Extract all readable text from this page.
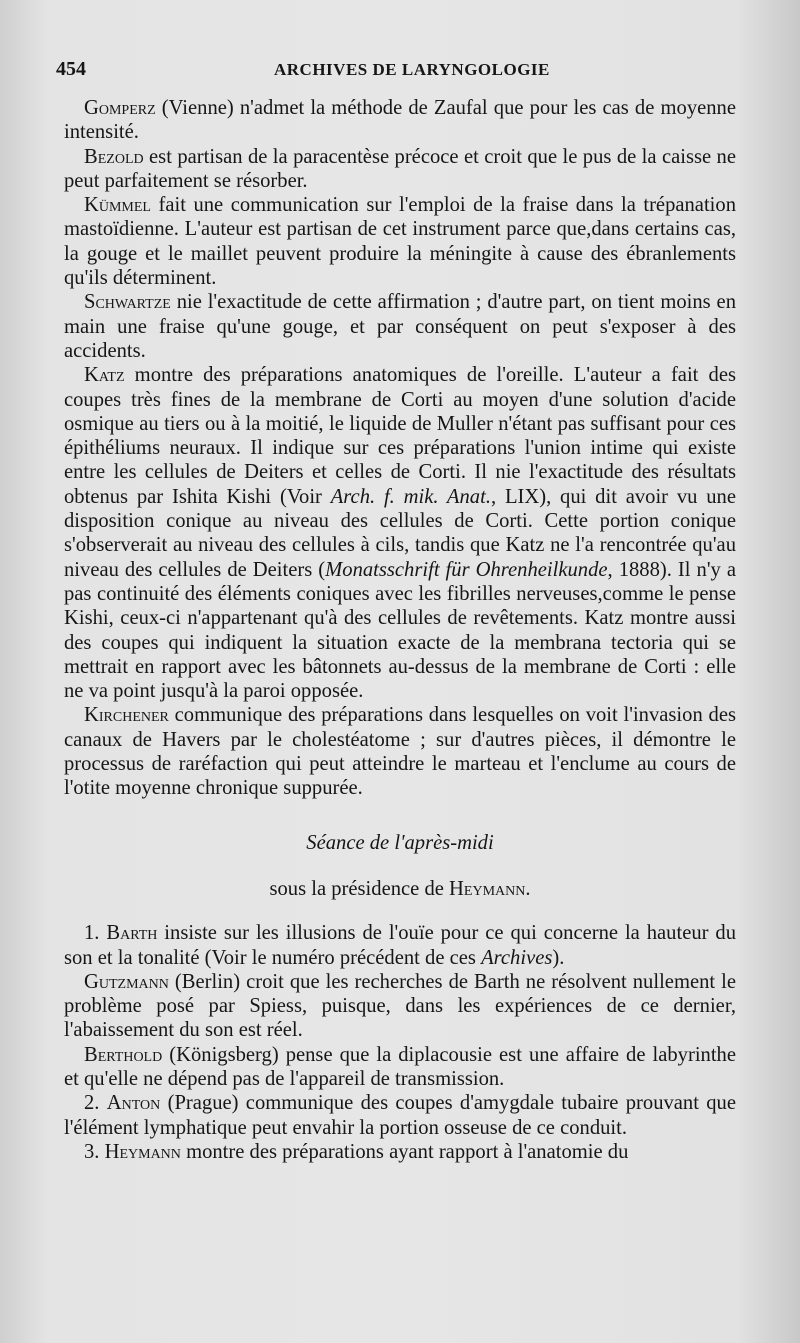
454	ARCHIVES DE LARYNGOLOGIE

Gomperz (Vienne) n'admet la méthode de Zaufal que pour les cas de moyenne intensité.

Bezold est partisan de la paracentèse précoce et croit que le pus de la caisse ne peut parfaitement se résorber.

Kümmel fait une communication sur l'emploi de la fraise dans la trépanation mastoïdienne. L'auteur est partisan de cet instrument parce que,dans certains cas, la gouge et le maillet peuvent produire la méningite à cause des ébranlements qu'ils déterminent.

Schwartze nie l'exactitude de cette affirmation ; d'autre part, on tient moins en main une fraise qu'une gouge, et par conséquent on peut s'exposer à des accidents.

Katz montre des préparations anatomiques de l'oreille. L'auteur a fait des coupes très fines de la membrane de Corti au moyen d'une solution d'acide osmique au tiers ou à la moitié, le liquide de Muller n'étant pas suffisant pour ces épithéliums neuraux. Il indique sur ces préparations l'union intime qui existe entre les cellules de Deiters et celles de Corti. Il nie l'exactitude des résultats obtenus par Ishita Kishi (Voir Arch. f. mik. Anat., LIX), qui dit avoir vu une disposition conique au niveau des cellules de Corti. Cette portion conique s'observerait au niveau des cellules à cils, tandis que Katz ne l'a rencontrée qu'au niveau des cellules de Deiters (Monatsschrift für Ohrenheilkunde, 1888). Il n'y a pas continuité des éléments coniques avec les fibrilles nerveuses,comme le pense Kishi, ceux-ci n'appartenant qu'à des cellules de revêtements. Katz montre aussi des coupes qui indiquent la situation exacte de la membrana tectoria qui se mettrait en rapport avec les bâtonnets au-dessus de la membrane de Corti : elle ne va point jusqu'à la paroi opposée.

Kirchener communique des préparations dans lesquelles on voit l'invasion des canaux de Havers par le cholestéatome ; sur d'autres pièces, il démontre le processus de raréfaction qui peut atteindre le marteau et l'enclume au cours de l'otite moyenne chronique suppurée.

Séance de l'après-midi

sous la présidence de Heymann.

1. Barth insiste sur les illusions de l'ouïe pour ce qui concerne la hauteur du son et la tonalité (Voir le numéro précédent de ces Archives).

Gutzmann (Berlin) croit que les recherches de Barth ne résolvent nullement le problème posé par Spiess, puisque, dans les expériences de ce dernier, l'abaissement du son est réel.

Berthold (Königsberg) pense que la diplacousie est une affaire de labyrinthe et qu'elle ne dépend pas de l'appareil de transmission.

2. Anton (Prague) communique des coupes d'amygdale tubaire prouvant que l'élément lymphatique peut envahir la portion osseuse de ce conduit.

3. Heymann montre des préparations ayant rapport à l'anatomie du
